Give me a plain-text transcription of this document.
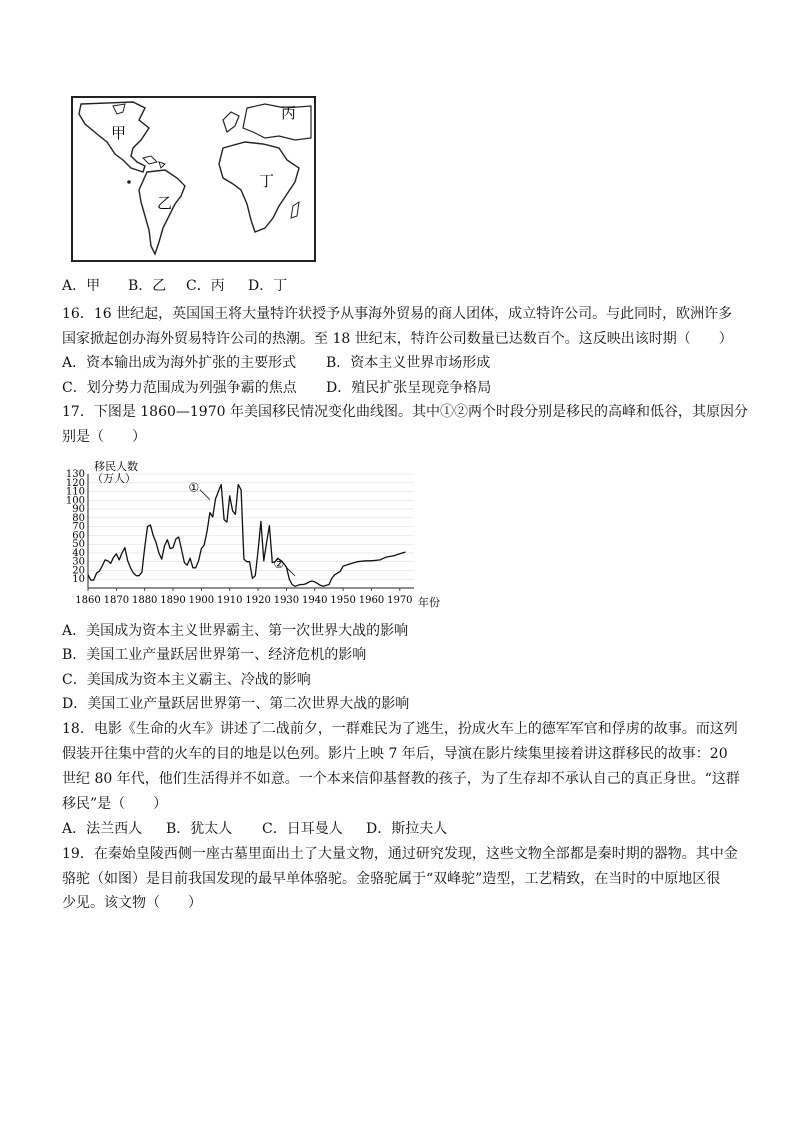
甲
乙
丙
丁
A．甲 B．乙 C．丙 D．丁
16．16 世纪起，英国国王将大量特许状授予从事海外贸易的商人团体，成立特许公司。与此同时，欧洲许多
国家掀起创办海外贸易特许公司的热潮。至 18 世纪末，特许公司数量已达数百个。这反映出该时期（　　）
A．资本输出成为海外扩张的主要形式 B．资本主义世界市场形成
C．划分势力范围成为列强争霸的焦点 D．殖民扩张呈现竞争格局
17．下图是 1860—1970 年美国移民情况变化曲线图。其中①②两个时段分别是移民的高峰和低谷，其原因分
别是（　　）
10
20
30
40
50
60
70
80
90
100
110
120
130
1860 1870 1880 1890 1900 1910 1920 1930 1940 1950 1960 1970
移民人数
（万人）
年份
①
②
A．美国成为资本主义世界霸主、第一次世界大战的影响
B．美国工业产量跃居世界第一、经济危机的影响
C．美国成为资本主义霸主、冷战的影响
D．美国工业产量跃居世界第一、第二次世界大战的影响
18．电影《生命的火车》讲述了二战前夕，一群难民为了逃生，扮成火车上的德军军官和俘虏的故事。而这列
假装开往集中营的火车的目的地是以色列。影片上映 7 年后，导演在影片续集里接着讲这群移民的故事：20
世纪 80 年代，他们生活得并不如意。一个本来信仰基督教的孩子，为了生存却不承认自己的真正身世。“这群
移民”是（　　）
A．法兰西人 B．犹太人 C．日耳曼人 D．斯拉夫人
19．在秦始皇陵西侧一座古墓里面出土了大量文物，通过研究发现，这些文物全部都是秦时期的器物。其中金
骆驼（如图）是目前我国发现的最早单体骆驼。金骆驼属于“双峰驼”造型，工艺精致，在当时的中原地区很
少见。该文物（　　）
